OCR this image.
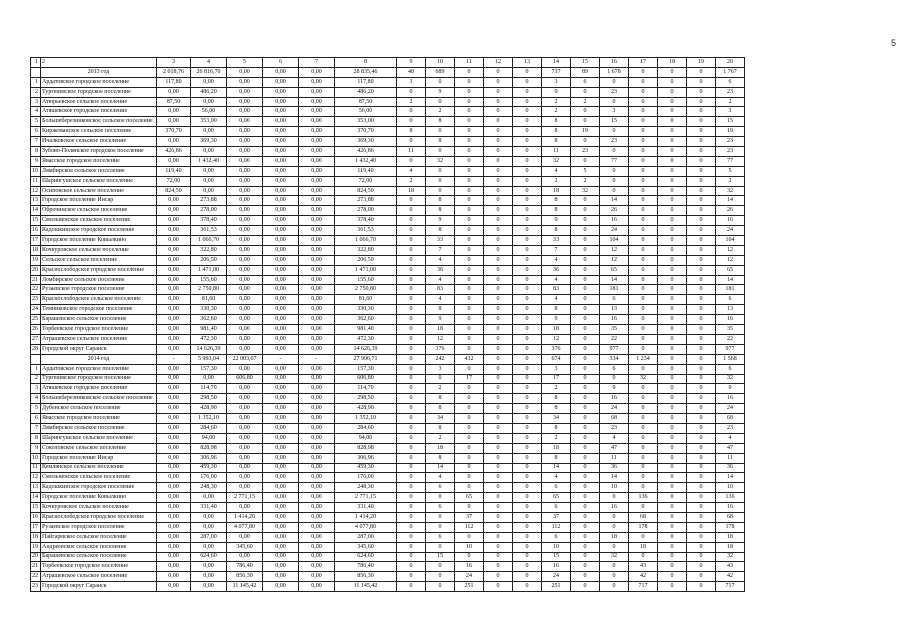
5
1	2	3	4	5	6	7	8	9	10	11	12	13	14	15	16	17	18	19	20
	2013 год	2 018,76	26 816,70	0,00	0,00	0,00	28 835,46	48	689	0	0	0	737	89	1 678	0	0	0	1 767
1	Ардатовское городское поселение	117,80	0,00	0,00	0,00	0,00	117,80	3	0	0	0	0	3	6	0	0	0	0	6
2	Тургеневское городское поселение	0,00	486,20	0,00	0,00	0,00	486,20	0	9	0	0	0	9	0	23	0	0	0	23
3	Атюрьевское сельское поселение	87,50	0,00	0,00	0,00	0,00	87,50	2	0	0	0	0	2	2	0	0	0	0	2
4	Атяшевское городское поселение	0,00	56,00	0,00	0,00	0,00	56,00	0	2	0	0	0	2	0	3	0	0	0	3
5	Большеберезниковское сельское поселение	0,00	353,00	0,00	0,00	0,00	353,00	0	8	0	0	0	8	0	15	0	0	0	15
6	Киржеманское сельское поселение	370,70	0,00	0,00	0,00	0,00	370,70	8	0	0	0	0	8	19	0	0	0	0	19
7	Ичалковское сельское поселение	0,00	369,30	0,00	0,00	0,00	369,30	0	8	0	0	0	8	0	23	0	0	0	23
8	Зубово-Полянское городское поселение	426,86	0,00	0,00	0,00	0,00	426,86	11	0	0	0	0	11	23	0	0	0	0	23
9	Явасское городское поселение	0,00	1 432,40	0,00	0,00	0,00	1 432,40	0	32	0	0	0	32	0	77	0	0	0	77
10	Лямбирское сельское поселение	119,40	0,00	0,00	0,00	0,00	119,40	4	0	0	0	0	4	5	0	0	0	0	5
11	Шарингушское сельское поселение	72,00	0,00	0,00	0,00	0,00	72,00	2	0	0	0	0	2	2	0	0	0	0	2
12	Осиповское сельское поселение	824,50	0,00	0,00	0,00	0,00	824,50	18	0	0	0	0	18	32	0	0	0	0	32
13	Городское поселение Инсар	0,00	273,88	0,00	0,00	0,00	273,88	0	8	0	0	0	8	0	14	0	0	0	14
14	Оброчинское сельское поселение	0,00	278,00	0,00	0,00	0,00	278,00	0	8	0	0	0	8	0	26	0	0	0	26
15	Смольненское сельское поселение	0,00	378,40	0,00	0,00	0,00	378,40	0	9	0	0	0	9	0	16	0	0	0	16
16	Кадошкинское городское поселение	0,00	361,53	0,00	0,00	0,00	361,53	0	8	0	0	0	8	0	24	0	0	0	24
17	Городское поселение Ковылкино	0,00	1 066,70	0,00	0,00	0,00	1 066,70	0	33	0	0	0	33	0	104	0	0	0	104
18	Кочкуровское сельское поселение	0,00	322,80	0,00	0,00	0,00	322,80	0	7	0	0	0	7	0	12	0	0	0	12
19	Сельское сельское поселение	0,00	206,50	0,00	0,00	0,00	206,50	0	4	0	0	0	4	0	12	0	0	0	12
20	Краснослободское городское поселение	0,00	1 471,00	0,00	0,00	0,00	1 471,00	0	36	0	0	0	36	0	65	0	0	0	65
21	Ломбирское сельское поселение	0,00	155,60	0,00	0,00	0,00	155,60	0	4	0	0	0	4	0	14	0	0	0	14
22	Рузаевское городское поселение	0,00	2 750,80	0,00	0,00	0,00	2 750,80	0	83	0	0	0	83	0	181	0	0	0	181
23	Краснослободское сельское поселение	0,00	81,60	0,00	0,00	0,00	81,60	0	4	0	0	0	4	0	6	0	0	0	6
24	Темниковское городское поселение	0,00	330,30	0,00	0,00	0,00	330,30	0	8	0	0	0	8	0	13	0	0	0	13
25	Барашевское сельское поселение	0,00	362,60	0,00	0,00	0,00	362,60	0	9	0	0	0	9	0	16	0	0	0	16
26	Торбеевское городское поселение	0,00	981,40	0,00	0,00	0,00	981,40	0	18	0	0	0	18	0	35	0	0	0	35
27	Атрашевское сельское поселение	0,00	472,30	0,00	0,00	0,00	472,30	0	12	0	0	0	12	0	22	0	0	0	22
28	Городской округ Саранск	0,00	14 626,39	0,00	0,00	0,00	14 626,39	0	376	0	0	0	376	0	977	0	0	0	977
	2014 год	-	5 993,04	22 003,67	-	-	27 996,71	0	242	432	0	0	674	0	334	1 234	0	0	1 568
1	Ардатовское городское поселение	0,00	157,30	0,00	0,00	0,00	157,30	0	3	0	0	0	3	0	6	0	0	0	6
2	Тургеневское городское поселение	0,00	0,00	606,80	0,00	0,00	606,80	0	0	17	0	0	17	0	0	32	0	0	32
3	Атяшевское городское поселение	0,00	114,70	0,00	0,00	0,00	114,70	0	2	0	0	0	2	0	9	0	0	0	9
4	Большеберезниковское сельское поселение	0,00	298,50	0,00	0,00	0,00	298,50	0	8	0	0	0	8	0	16	0	0	0	16
5	Дубенское сельское поселение	0,00	428,90	0,00	0,00	0,00	428,90	0	8	0	0	0	8	0	24	0	0	0	24
6	Явасское городское поселение	0,00	1 352,10	0,00	0,00	0,00	1 352,10	0	34	0	0	0	34	0	68	0	0	0	68
7	Лямбирское сельское поселение	0,00	284,60	0,00	0,00	0,00	284,60	0	8	0	0	0	8	0	23	0	0	0	23
8	Шарингушское сельское поселение	0,00	94,00	0,00	0,00	0,00	94,00	0	2	0	0	0	2	0	4	0	0	0	4
9	Соколовское сельское поселение	0,00	828,98	0,00	0,00	0,00	828,98	0	18	0	0	0	18	0	47	0	0	0	47
10	Городское поселение Инсар	0,00	306,96	0,00	0,00	0,00	306,96	0	8	0	0	0	8	0	11	0	0	0	11
11	Кемлянское сельское поселение	0,00	459,30	0,00	0,00	0,00	459,30	0	14	0	0	0	14	0	36	0	0	0	36
12	Смольненское сельское поселение	0,00	176,00	0,00	0,00	0,00	176,00	0	4	0	0	0	4	0	14	0	0	0	14
13	Кадошкинское городское поселение	0,00	248,30	0,00	0,00	0,00	248,30	0	6	0	0	0	6	0	10	0	0	0	10
14	Городское поселение Ковылкино	0,00	0,00	2 771,15	0,00	0,00	2 771,15	0	0	65	0	0	65	0	0	136	0	0	136
15	Кочкуровское сельское поселение	0,00	331,40	0,00	0,00	0,00	331,40	0	6	0	0	0	6	0	16	0	0	0	16
16	Краснослободское городское поселение	0,00	0,00	1 414,20	0,00	0,00	1 414,20	0	0	37	0	0	37	0	0	68	0	0	68
17	Рузаевское городское поселение	0,00	0,00	4 077,80	0,00	0,00	4 077,80	0	0	112	0	0	112	0	0	178	0	0	178
18	Пайгармское сельское поселение	0,00	287,00	0,00	0,00	0,00	287,00	0	6	0	0	0	6	0	18	0	0	0	18
19	Андреевское сельское поселение	0,00	0,00	345,60	0,00	0,00	345,60	0	0	10	0	0	10	0	0	18	0	0	18
20	Барашевское сельское поселение	0,00	624,60	0,00	0,00	0,00	624,60	0	15	0	0	0	15	0	32	0	0	0	32
21	Торбеевское городское поселение	0,00	0,00	786,40	0,00	0,00	786,40	0	0	16	0	0	16	0	0	43	0	0	43
22	Атрашевское сельское поселение	0,00	0,00	856,30	0,00	0,00	856,30	0	0	24	0	0	24	0	0	42	0	0	42
23	Городской округ Саранск	0,00	0,00	11 145,42	0,00	0,00	11 145,42	0	0	251	0	0	251	0	0	717	0	0	717
